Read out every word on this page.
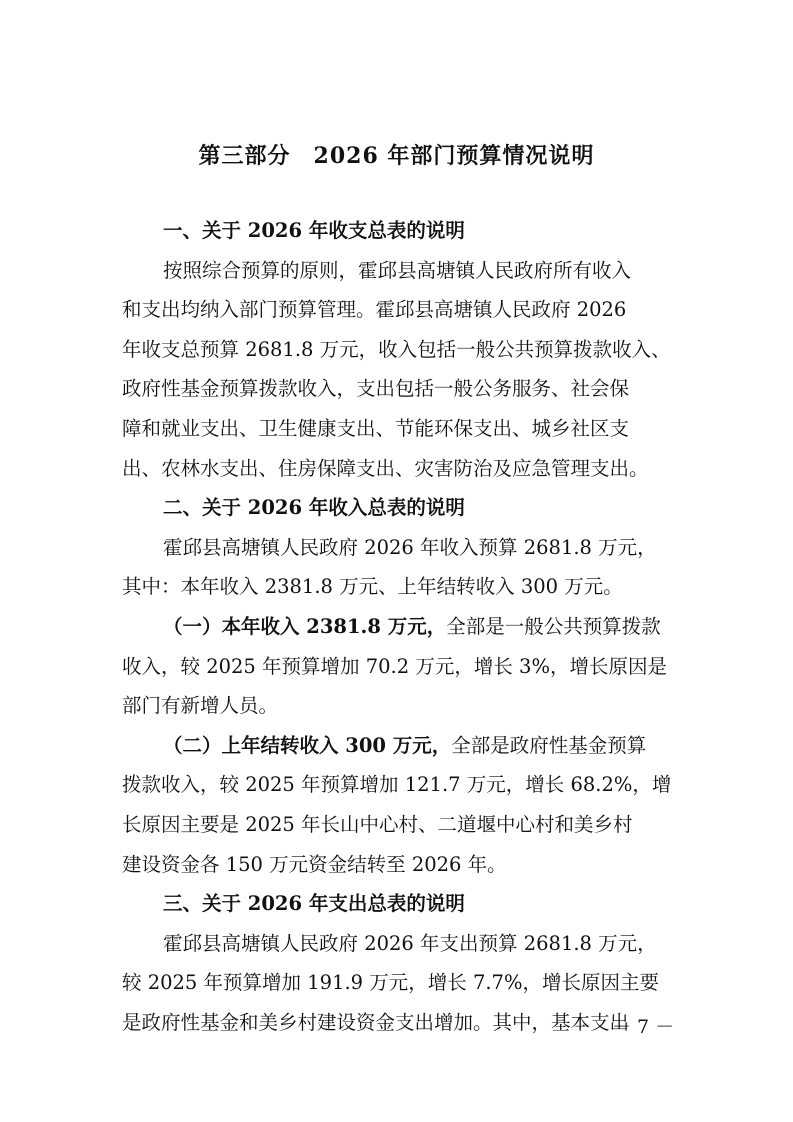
第三部分　2026 年部门预算情况说明
一、关于 2026 年收支总表的说明
按照综合预算的原则，霍邱县高塘镇人民政府所有收入
和支出均纳入部门预算管理。霍邱县高塘镇人民政府 2026
年收支总预算 2681.8 万元，收入包括一般公共预算拨款收入、
政府性基金预算拨款收入，支出包括一般公务服务、社会保
障和就业支出、卫生健康支出、节能环保支出、城乡社区支
出、农林水支出、住房保障支出、灾害防治及应急管理支出。
二、关于 2026 年收入总表的说明
霍邱县高塘镇人民政府 2026 年收入预算 2681.8 万元，
其中：本年收入 2381.8 万元、上年结转收入 300 万元。
（一）本年收入 2381.8 万元，全部是一般公共预算拨款
收入，较 2025 年预算增加 70.2 万元，增长 3%，增长原因是
部门有新增人员。
（二）上年结转收入 300 万元，全部是政府性基金预算
拨款收入，较 2025 年预算增加 121.7 万元，增长 68.2%，增
长原因主要是 2025 年长山中心村、二道堰中心村和美乡村
建设资金各 150 万元资金结转至 2026 年。
三、关于 2026 年支出总表的说明
霍邱县高塘镇人民政府 2026 年支出预算 2681.8 万元，
较 2025 年预算增加 191.9 万元，增长 7.7%，增长原因主要
是政府性基金和美乡村建设资金支出增加。其中，基本支出
－ 7 －
